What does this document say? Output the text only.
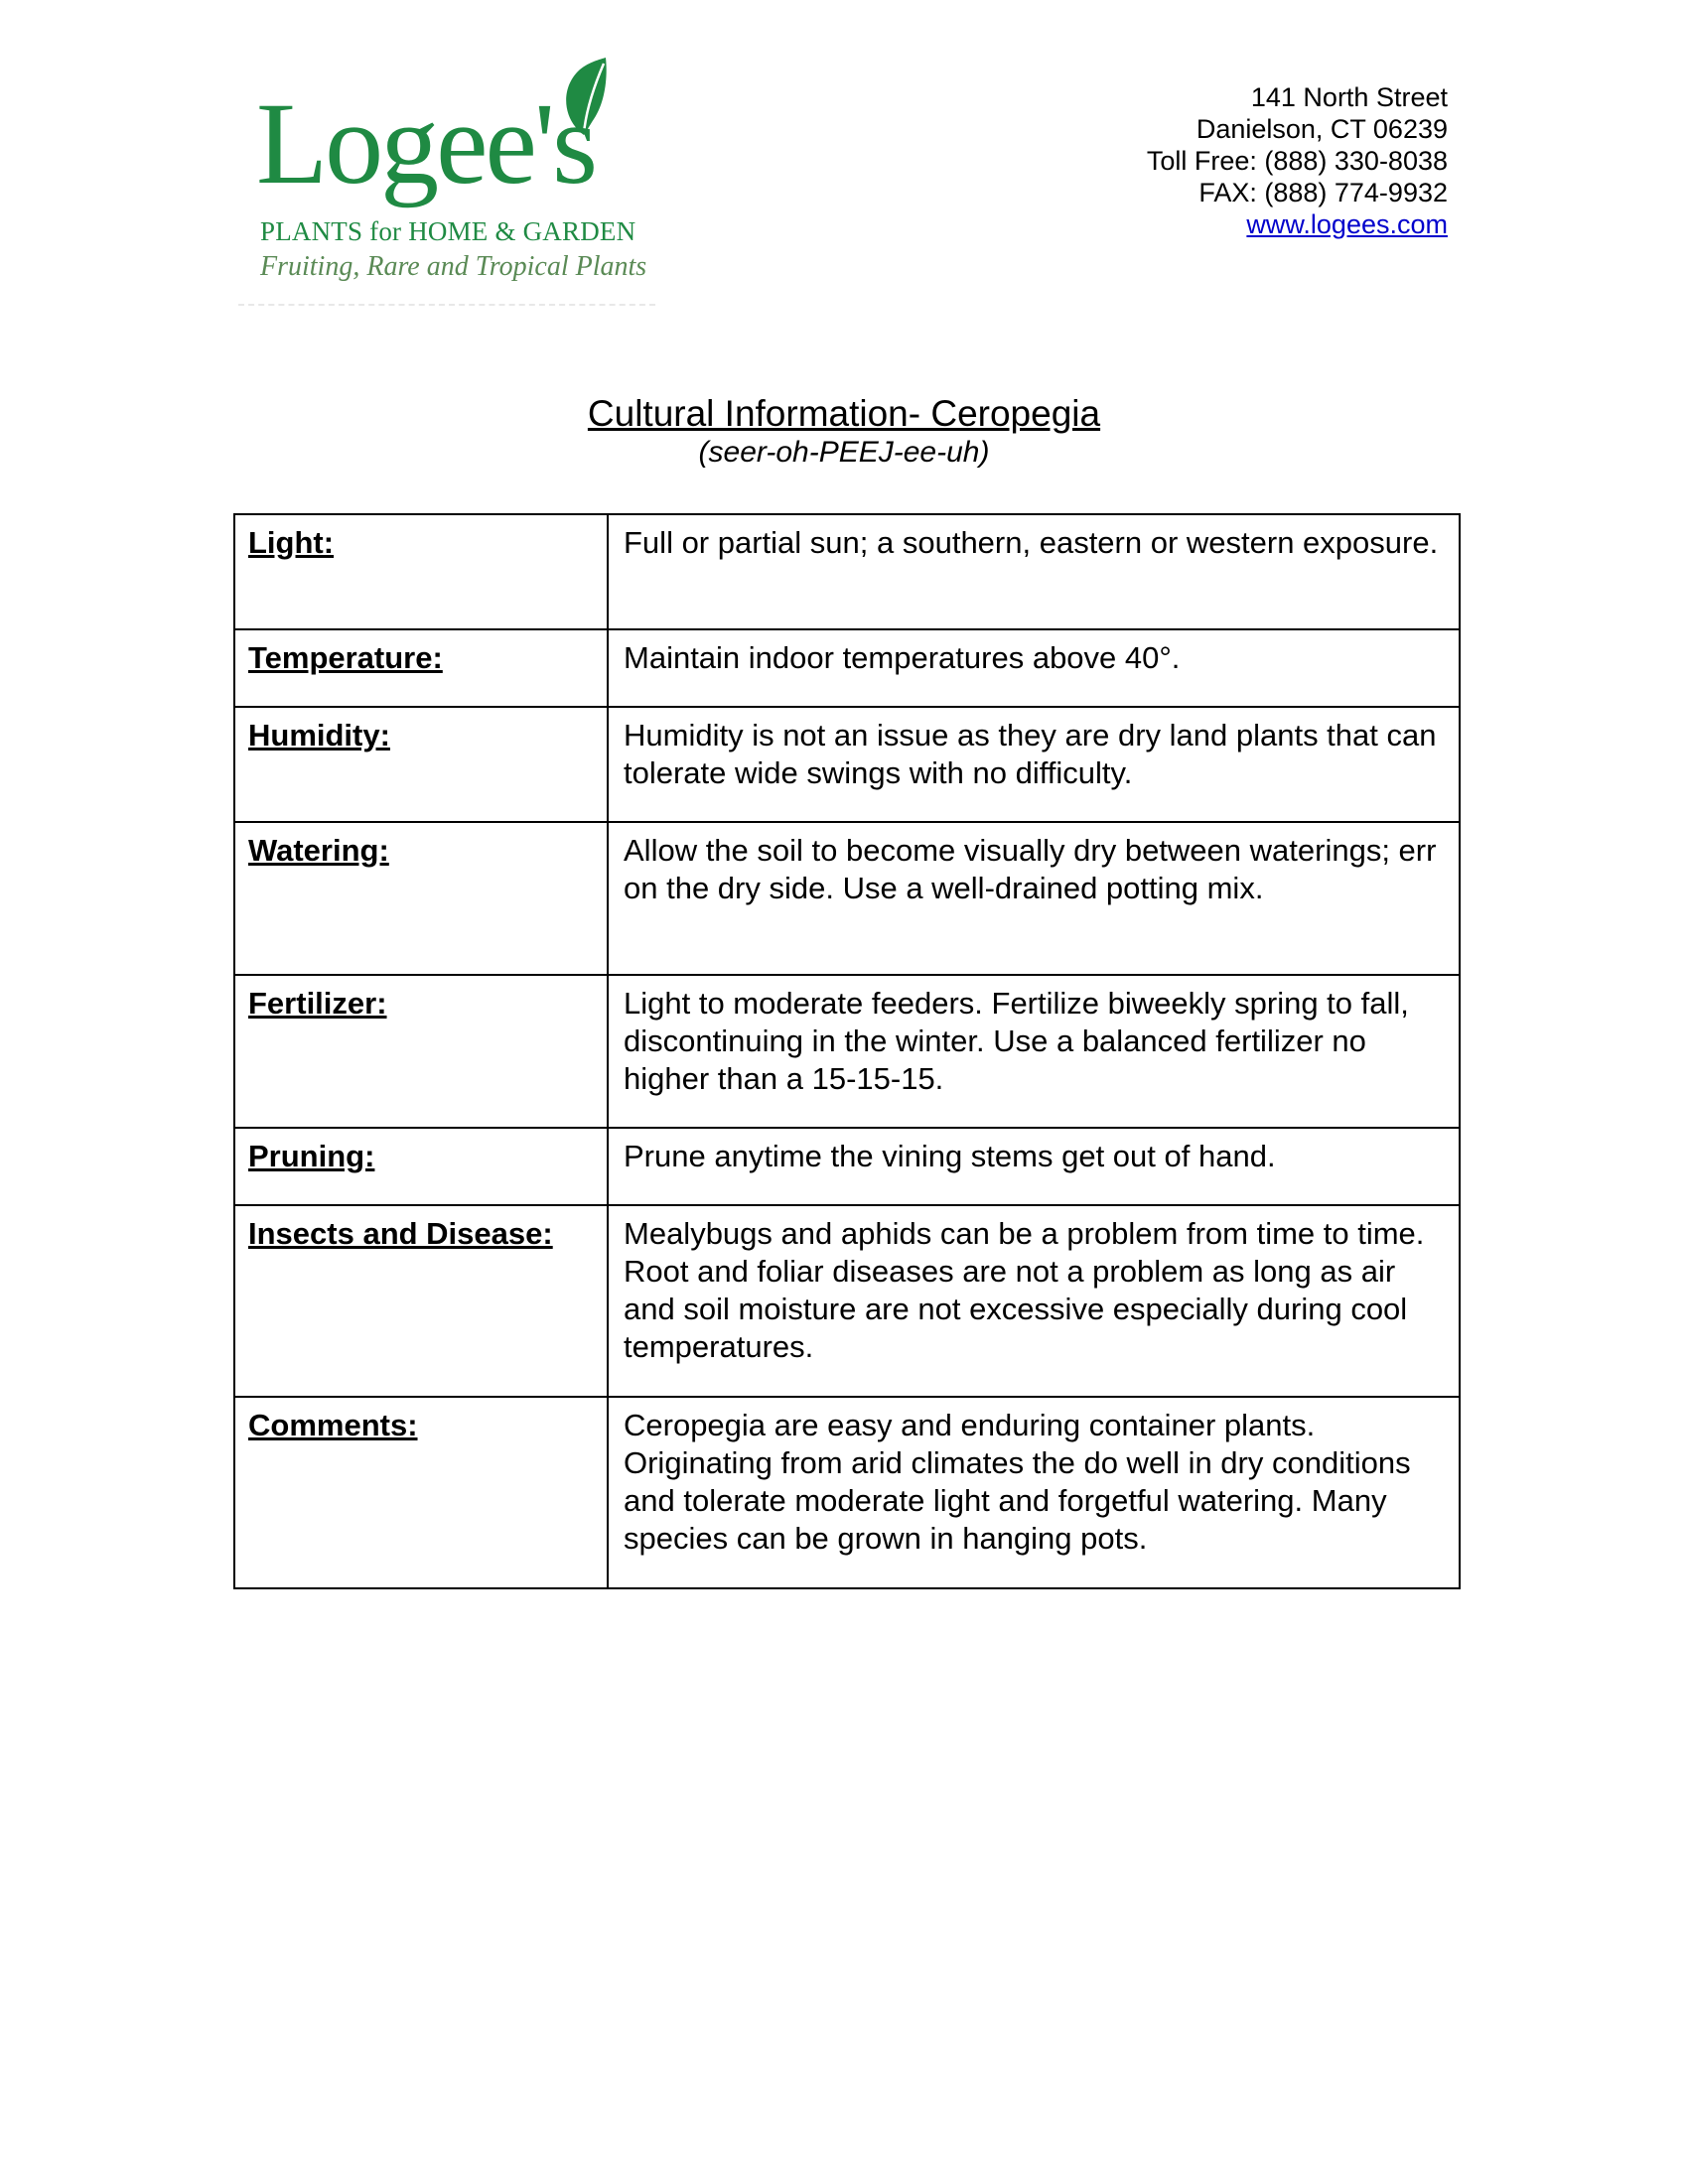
Logee's
PLANTS for HOME & GARDEN
Fruiting, Rare and Tropical Plants
141 North Street
Danielson, CT 06239
Toll Free: (888) 330-8038
FAX: (888) 774-9932
www.logees.com
Cultural Information- Ceropegia
(seer-oh-PEEJ-ee-uh)
Light:	Full or partial sun; a southern, eastern or western exposure.
Temperature:	Maintain indoor temperatures above 40°.
Humidity:	Humidity is not an issue as they are dry land plants that can tolerate wide swings with no difficulty.
Watering:	Allow the soil to become visually dry between waterings; err on the dry side. Use a well-drained potting mix.
Fertilizer:	Light to moderate feeders. Fertilize biweekly spring to fall, discontinuing in the winter. Use a balanced fertilizer no higher than a 15-15-15.
Pruning:	Prune anytime the vining stems get out of hand.
Insects and Disease:	Mealybugs and aphids can be a problem from time to time. Root and foliar diseases are not a problem as long as air and soil moisture are not excessive especially during cool temperatures.
Comments:	Ceropegia are easy and enduring container plants. Originating from arid climates the do well in dry conditions and tolerate moderate light and forgetful watering. Many species can be grown in hanging pots.
